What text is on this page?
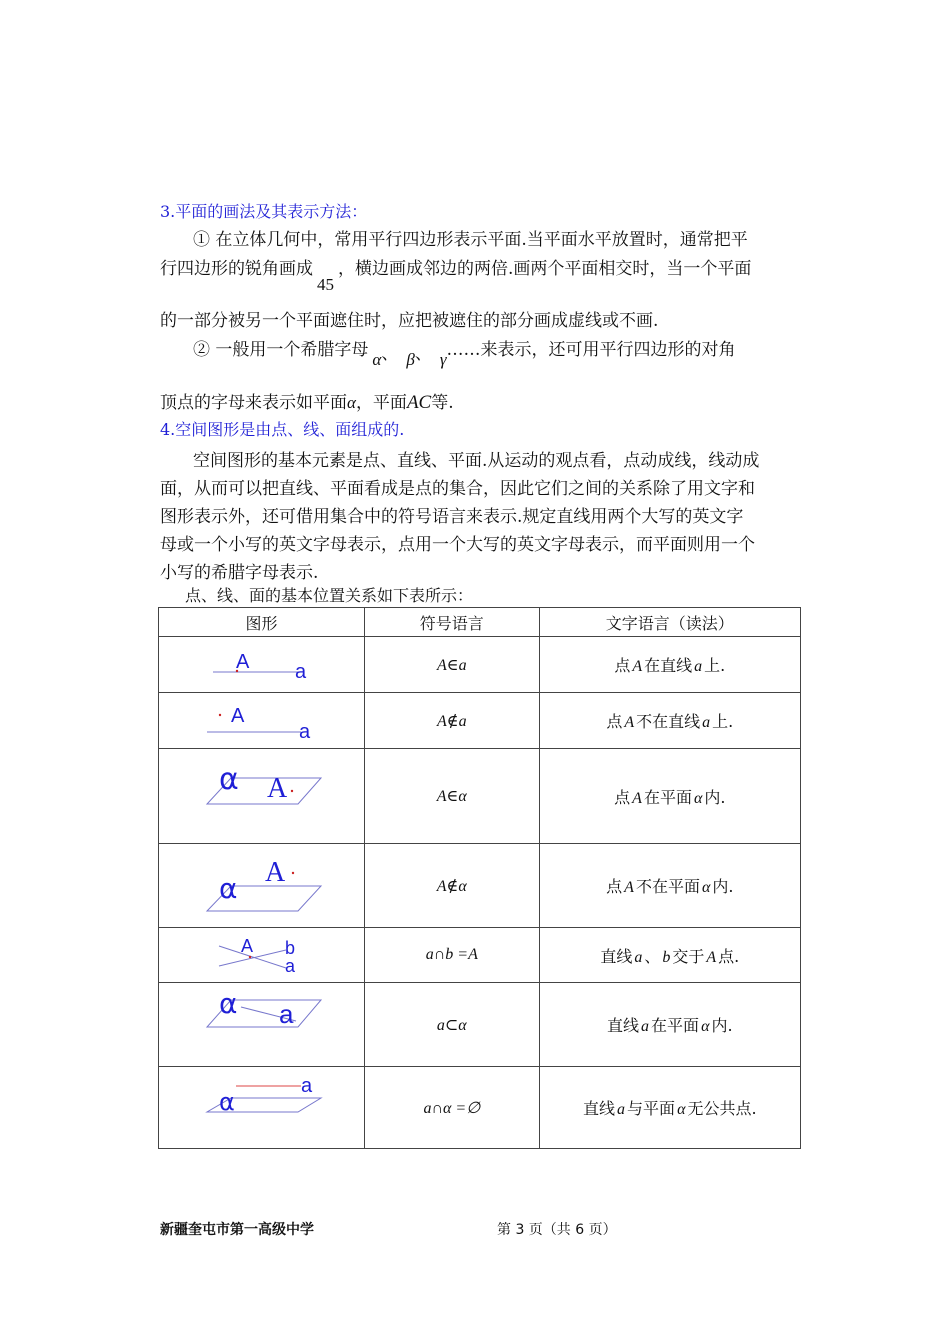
3.平面的画法及其表示方法：
① 在立体几何中，常用平行四边形表示平面.当平面水平放置时，通常把平
行四边形的锐角画成45，横边画成邻边的两倍.画两个平面相交时，当一个平面
的一部分被另一个平面遮住时，应把被遮住的部分画成虚线或不画.
② 一般用一个希腊字母 α、 β、 γ……来表示，还可用平行四边形的对角
顶点的字母来表示如平面α，平面AC等.
4.空间图形是由点、线、面组成的.
空间图形的基本元素是点、直线、平面.从运动的观点看，点动成线，线动成
面，从而可以把直线、平面看成是点的集合，因此它们之间的关系除了用文字和
图形表示外，还可借用集合中的符号语言来表示.规定直线用两个大写的英文字
母或一个小写的英文字母表示，点用一个大写的英文字母表示，而平面则用一个
小写的希腊字母表示.
点、线、面的基本位置关系如下表所示：
图形	符号语言	文字语言（读法）

A a	A∈a	点 A 在直线 a 上.

A
a	A∉a	点 A 不在直线 a 上.

α A	A∈α	点 A 在平面 α 内.

α A	A∉α	点 A 不在平面 α 内.

A b
a	a∩b =A	直线 a 、 b 交于 A 点.

α a	a⊂α	直线 a 在平面 α 内.

α
a	a∩α =∅	直线 a 与平面 α 无公共点.
新疆奎屯市第一高级中学	第 3 页（共 6 页）
